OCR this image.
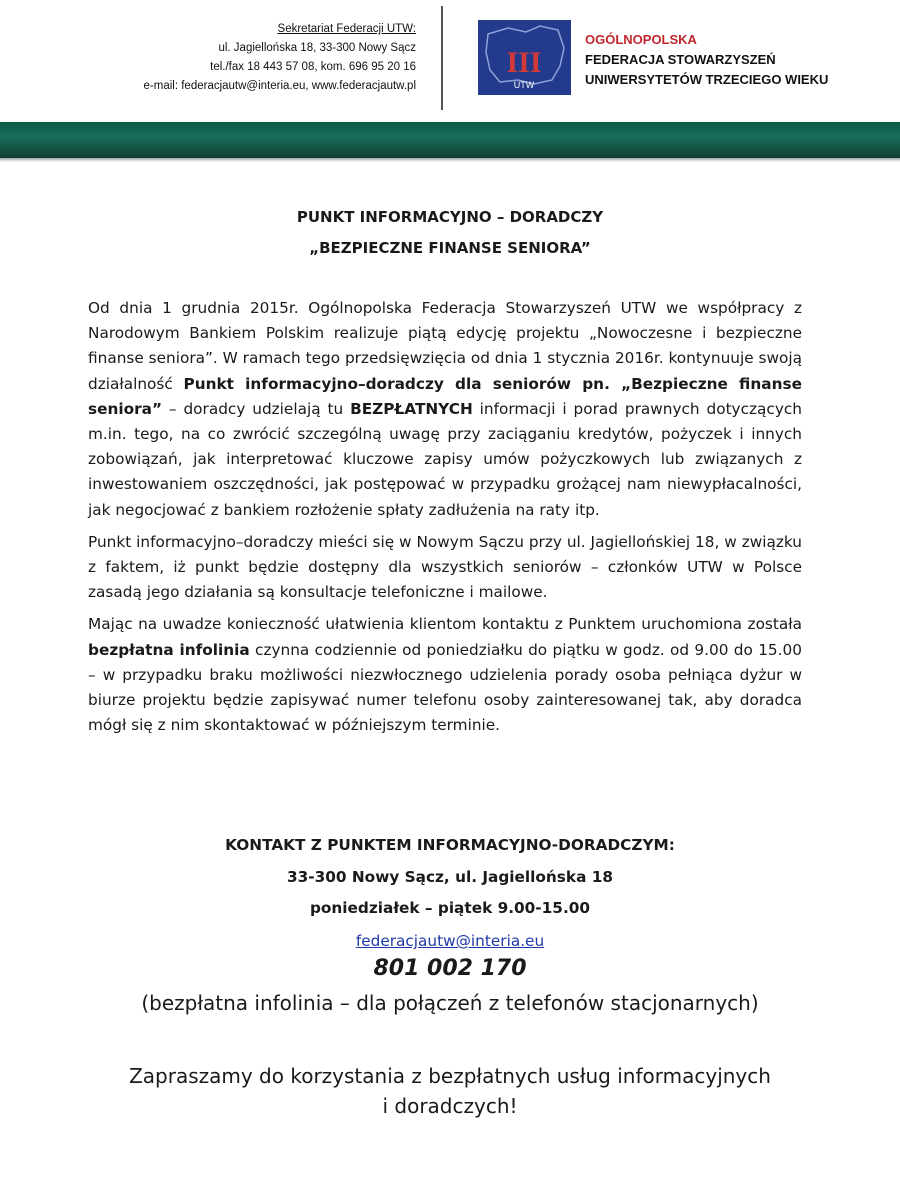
Sekretariat Federacji UTW:
ul. Jagiellońska 18, 33-300 Nowy Sącz
tel./fax 18 443 57 08, kom. 696 95 20 16
e-mail: federacjautw@interia.eu, www.federacjautw.pl
III
UTW
OGÓLNOPOLSKA
FEDERACJA STOWARZYSZEŃ
UNIWERSYTETÓW TRZECIEGO WIEKU
PUNKT INFORMACYJNO – DORADCZY
„BEZPIECZNE FINANSE SENIORA”

Od dnia 1 grudnia 2015r. Ogólnopolska Federacja Stowarzyszeń UTW we współpracy z Narodowym Bankiem Polskim realizuje piątą edycję projektu „Nowoczesne i bezpieczne finanse seniora”. W ramach tego przedsięwzięcia od dnia 1 stycznia 2016r. kontynuuje swoją działalność Punkt informacyjno–doradczy dla seniorów pn. „Bezpieczne finanse seniora” – doradcy udzielają tu BEZPŁATNYCH informacji i porad prawnych dotyczących m.in. tego, na co zwrócić szczególną uwagę przy zaciąganiu kredytów, pożyczek i innych zobowiązań, jak interpretować kluczowe zapisy umów pożyczkowych lub związanych z inwestowaniem oszczędności, jak postępować w przypadku grożącej nam niewypłacalności, jak negocjować z bankiem rozłożenie spłaty zadłużenia na raty itp.

Punkt informacyjno–doradczy mieści się w Nowym Sączu przy ul. Jagiellońskiej 18, w związku z faktem, iż punkt będzie dostępny dla wszystkich seniorów – członków UTW w Polsce zasadą jego działania są konsultacje telefoniczne i mailowe.

Mając na uwadze konieczność ułatwienia klientom kontaktu z Punktem uruchomiona została bezpłatna infolinia czynna codziennie od poniedziałku do piątku w godz. od 9.00 do 15.00 – w przypadku braku możliwości niezwłocznego udzielenia porady osoba pełniąca dyżur w biurze projektu będzie zapisywać numer telefonu osoby zainteresowanej tak, aby doradca mógł się z nim skontaktować w późniejszym terminie.

KONTAKT Z PUNKTEM INFORMACYJNO-DORADCZYM:
33-300 Nowy Sącz, ul. Jagiellońska 18
poniedziałek – piątek 9.00-15.00
federacjautw@interia.eu
801 002 170
(bezpłatna infolinia – dla połączeń z telefonów stacjonarnych)
Zapraszamy do korzystania z bezpłatnych usług informacyjnych
i doradczych!
